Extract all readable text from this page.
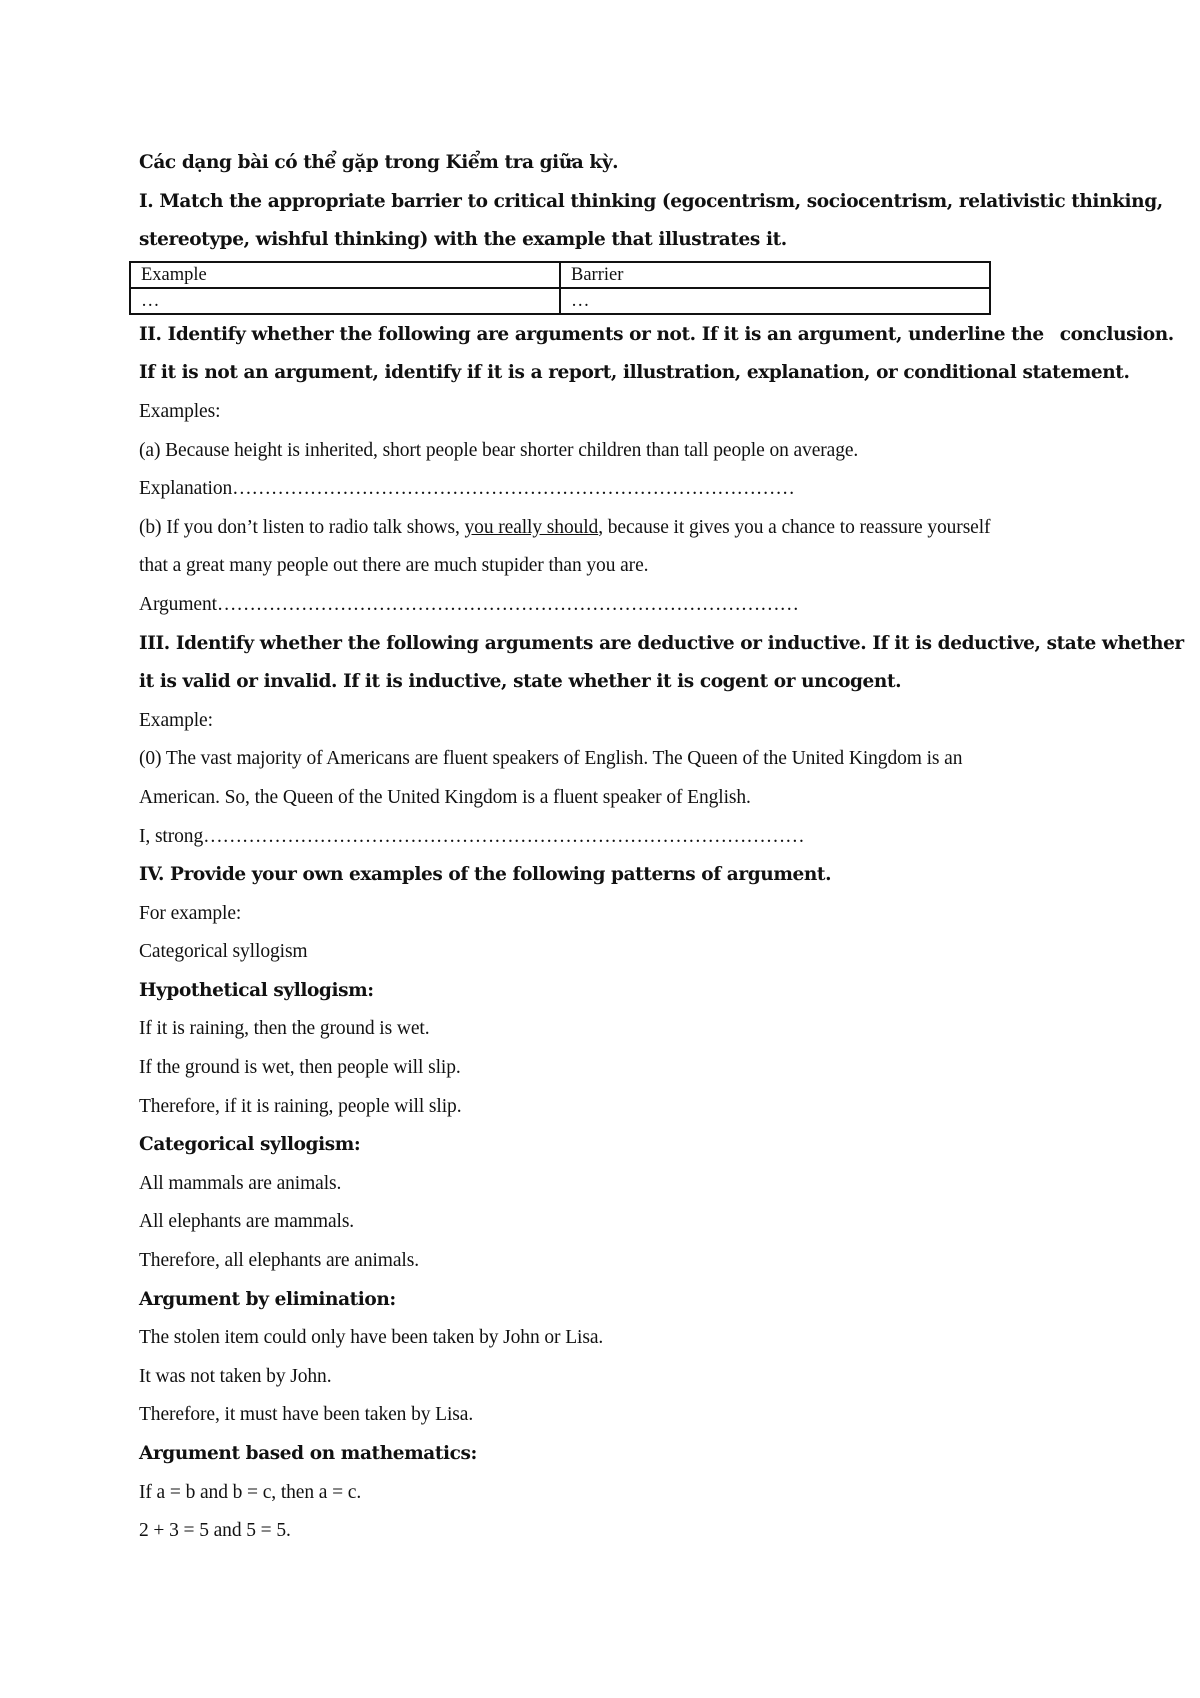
Các dạng bài có thể gặp trong Kiểm tra giữa kỳ.
I. Match the appropriate barrier to critical thinking (egocentrism, sociocentrism, relativistic thinking,
stereotype, wishful thinking) with the example that illustrates it.
Example	Barrier
…	…
II. Identify whether the following are arguments or not. If it is an argument, underline the conclusion.
If it is not an argument, identify if it is a report, illustration, explanation, or conditional statement.
Examples:
(a) Because height is inherited, short people bear shorter children than tall people on average.
Explanation……………………………………………………………………………
(b) If you don’t listen to radio talk shows, you really should, because it gives you a chance to reassure yourself
that a great many people out there are much stupider than you are.
Argument………………………………………………………………………………
III. Identify whether the following arguments are deductive or inductive. If it is deductive, state whether
it is valid or invalid. If it is inductive, state whether it is cogent or uncogent.
Example:
(0) The vast majority of Americans are fluent speakers of English. The Queen of the United Kingdom is an
American. So, the Queen of the United Kingdom is a fluent speaker of English.
I, strong…………………………………………………………………………………
IV. Provide your own examples of the following patterns of argument.
For example:
Categorical syllogism
Hypothetical syllogism:
If it is raining, then the ground is wet.
If the ground is wet, then people will slip.
Therefore, if it is raining, people will slip.
Categorical syllogism:
All mammals are animals.
All elephants are mammals.
Therefore, all elephants are animals.
Argument by elimination:
The stolen item could only have been taken by John or Lisa.
It was not taken by John.
Therefore, it must have been taken by Lisa.
Argument based on mathematics:
If a = b and b = c, then a = c.
2 + 3 = 5 and 5 = 5.
